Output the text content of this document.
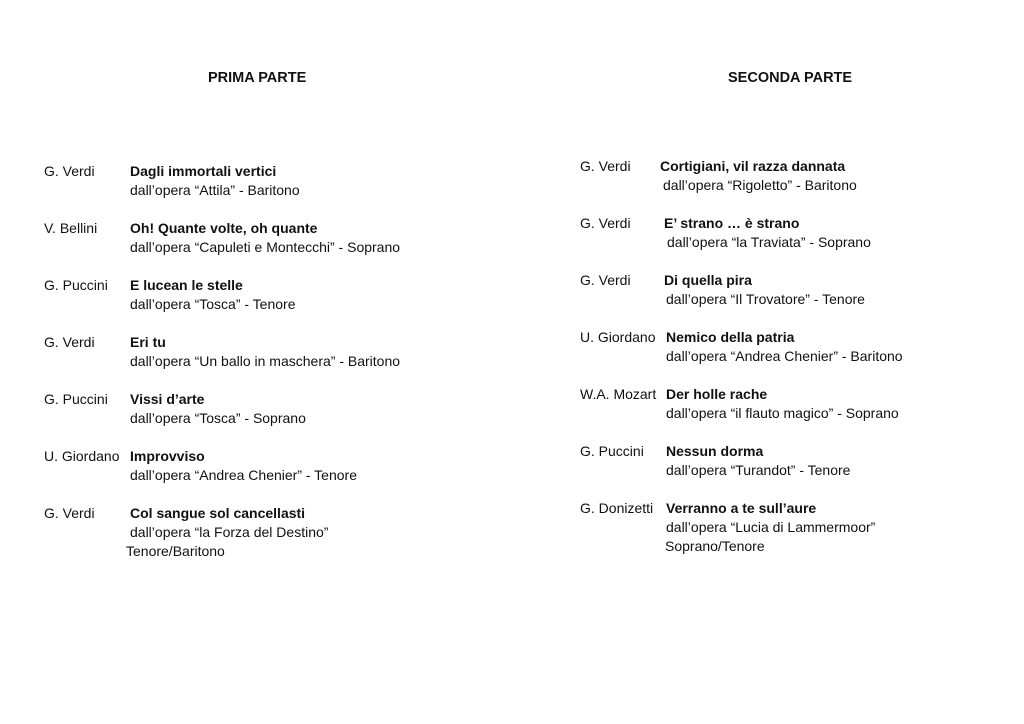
PRIMA PARTE	SECONDA PARTE
G. Verdi	Dagli immortali vertici
dall’opera “Attila” - Baritono
V. Bellini Oh! Quante volte, oh quante
dall’opera “Capuleti e Montecchi” - Soprano
G. Puccini E lucean le stelle
dall’opera “Tosca” - Tenore
G. Verdi	Eri tu
dall’opera “Un ballo in maschera” - Baritono
G. Puccini Vissi d’arte
dall’opera “Tosca” - Soprano
U. Giordano Improvviso
dall’opera “Andrea Chenier” - Tenore
G. Verdi	Col sangue sol cancellasti
dall’opera “la Forza del Destino”
Tenore/Baritono
G. Verdi Cortigiani, vil razza dannata
dall’opera “Rigoletto” - Baritono
G. Verdi E’ strano … è strano
dall’opera “la Traviata” - Soprano
G. Verdi Di quella pira
dall’opera “Il Trovatore” - Tenore
U. Giordano Nemico della patria
dall’opera “Andrea Chenier” - Baritono
W.A. Mozart Der holle rache
dall’opera “il flauto magico” - Soprano
G. Puccini Nessun dorma
dall’opera “Turandot” - Tenore
G. Donizetti Verranno a te sull’aure
dall’opera “Lucia di Lammermoor”
Soprano/Tenore
